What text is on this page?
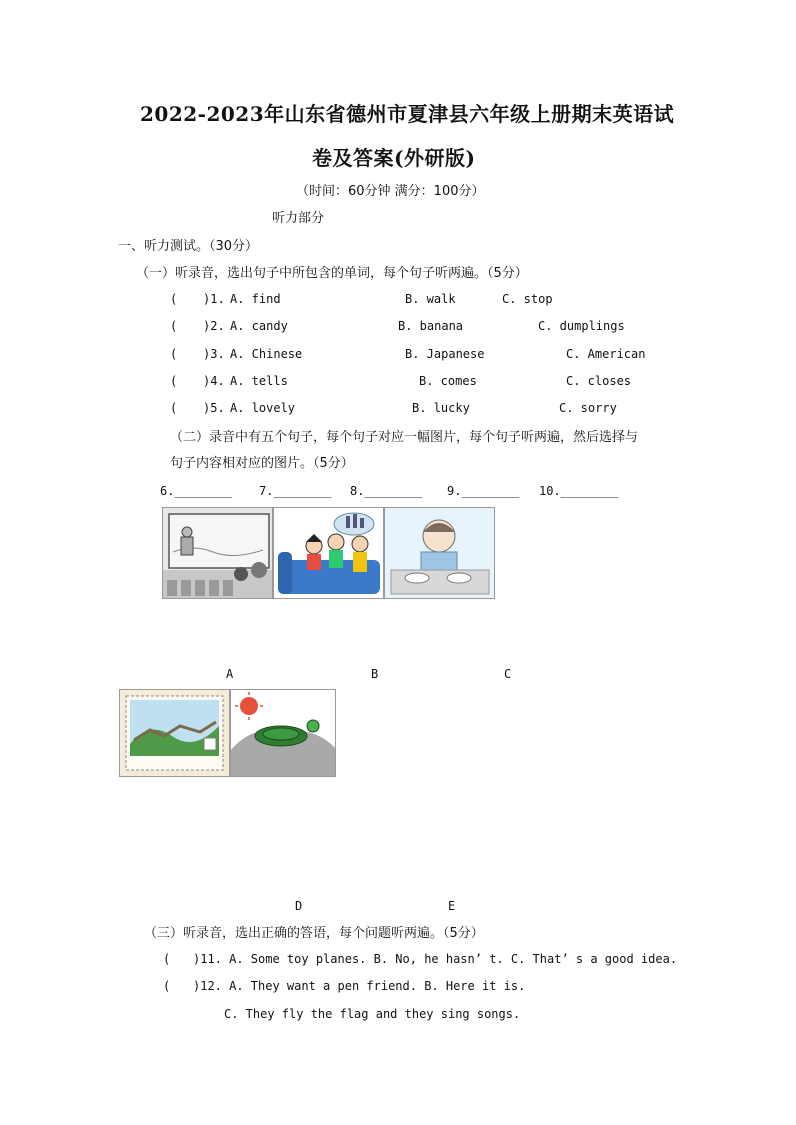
2022-2023年山东省德州市夏津县六年级上册期末英语试
卷及答案(外研版)
（时间：60分钟 满分：100分）
听力部分
一、听力测试。（30分）
（一）听录音，选出句子中所包含的单词，每个句子听两遍。（5分）
( )1. A. find	B. walk	C. stop
( )2. A. candy	B. banana	C. dumplings
( )3. A. Chinese	B. Japanese	C. American
( )4. A. tells	B. comes	C. closes
( )5. A. lovely	B. lucky	C. sorry
（二）录音中有五个句子，每个句子对应一幅图片，每个句子听两遍，然后选择与
句子内容相对应的图片。（5分）
6.________ 7.________ 8.________ 9.________ 10.________
A	B	C
D	E
（三）听录音，选出正确的答语，每个问题听两遍。（5分）
( )11. A. Some toy planes. B. No, he hasn’ t. C. That’ s a good idea.
( )12. A. They want a pen friend. B. Here it is.
C. They fly the flag and they sing songs.
